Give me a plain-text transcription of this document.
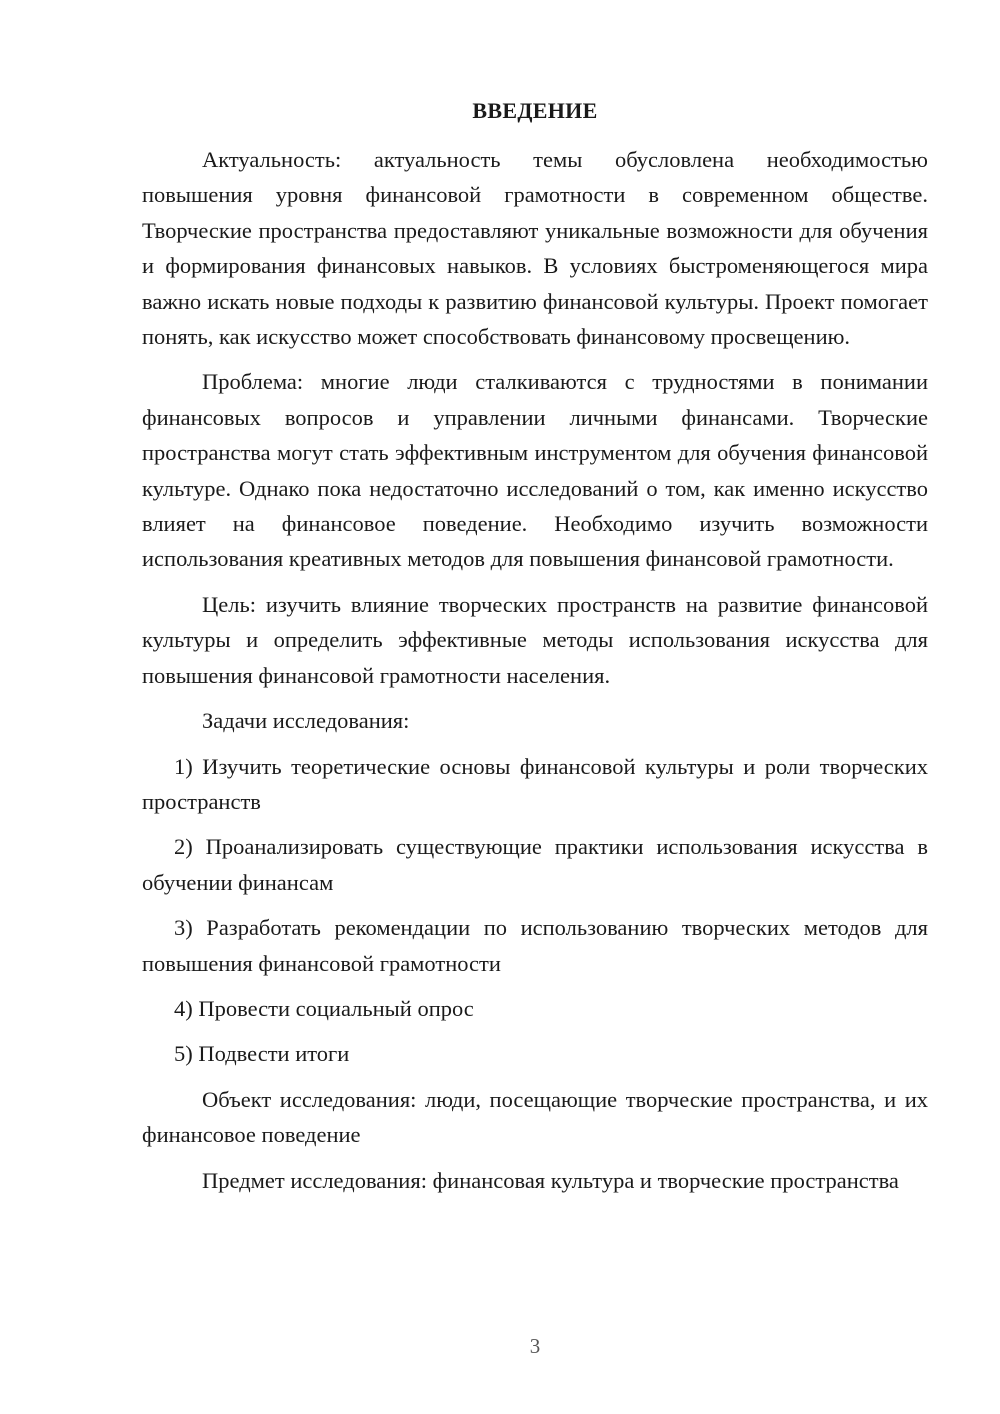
ВВЕДЕНИЕ

Актуальность: актуальность темы обусловлена необходимостью повышения уровня финансовой грамотности в современном обществе. Творческие пространства предоставляют уникальные возможности для обучения и формирования финансовых навыков. В условиях быстроменяющегося мира важно искать новые подходы к развитию финансовой культуры. Проект помогает понять, как искусство может способствовать финансовому просвещению.

Проблема: многие люди сталкиваются с трудностями в понимании финансовых вопросов и управлении личными финансами. Творческие пространства могут стать эффективным инструментом для обучения финансовой культуре. Однако пока недостаточно исследований о том, как именно искусство влияет на финансовое поведение. Необходимо изучить возможности использования креативных методов для повышения финансовой грамотности.

Цель: изучить влияние творческих пространств на развитие финансовой культуры и определить эффективные методы использования искусства для повышения финансовой грамотности населения.

Задачи исследования:

1) Изучить теоретические основы финансовой культуры и роли творческих пространств

2) Проанализировать существующие практики использования искусства в обучении финансам

3) Разработать рекомендации по использованию творческих методов для повышения финансовой грамотности

4) Провести социальный опрос

5) Подвести итоги

Объект исследования: люди, посещающие творческие пространства, и их финансовое поведение

Предмет исследования: финансовая культура и творческие пространства

3
